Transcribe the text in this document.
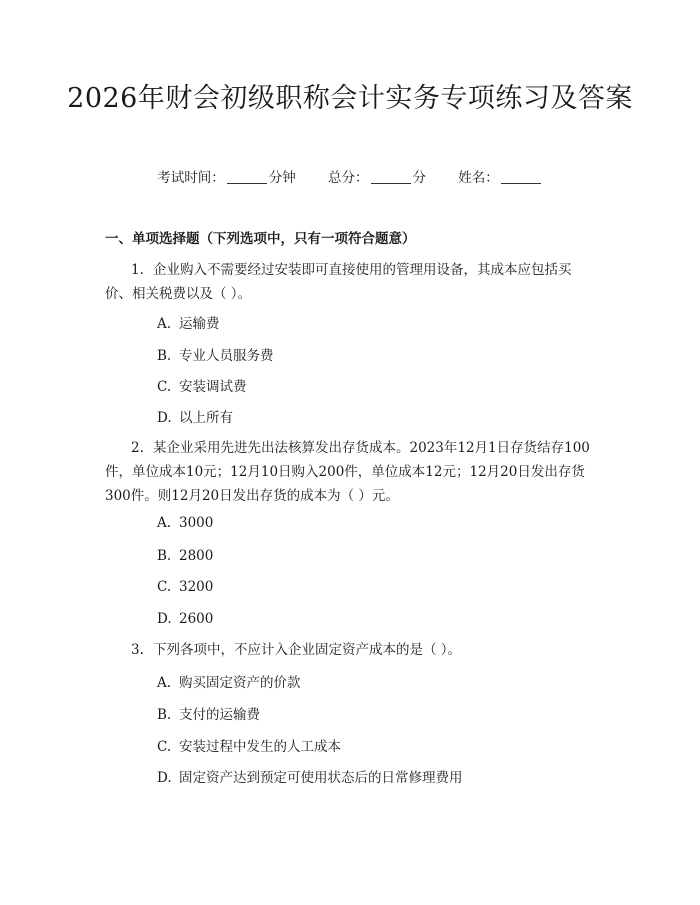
2026年财会初级职称会计实务专项练习及答案
考试时间：	分钟 总分：	分 姓名：
一、单项选择题（下列选项中，只有一项符合题意）
1. 企业购入不需要经过安装即可直接使用的管理用设备，其成本应包括买价、相关税费以及（ ）。
A. 运输费
B. 专业人员服务费
C. 安装调试费
D. 以上所有
2. 某企业采用先进先出法核算发出存货成本。2023年12月1日存货结存100件，单位成本10元；12月10日购入200件，单位成本12元；12月20日发出存货300件。则12月20日发出存货的成本为（ ）元。
A. 3000
B. 2800
C. 3200
D. 2600
3. 下列各项中，不应计入企业固定资产成本的是（ ）。
A. 购买固定资产的价款
B. 支付的运输费
C. 安装过程中发生的人工成本
D. 固定资产达到预定可使用状态后的日常修理费用
